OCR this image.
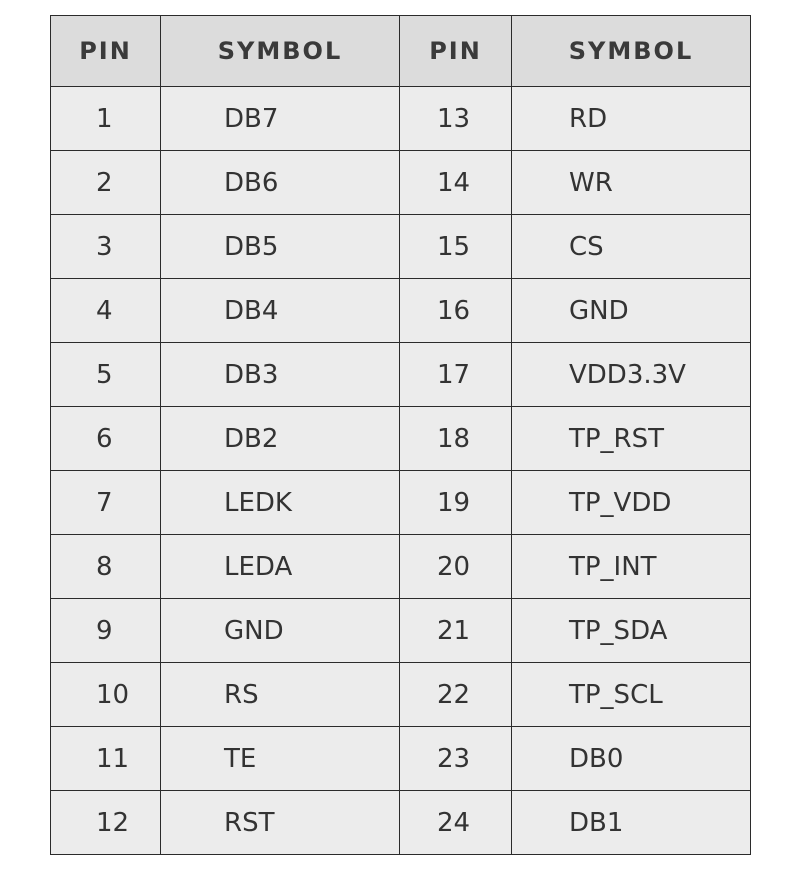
PIN	SYMBOL	PIN	SYMBOL
1	DB7	13	RD
2	DB6	14	WR
3	DB5	15	CS
4	DB4	16	GND
5	DB3	17	VDD3.3V
6	DB2	18	TP_RST
7	LEDK	19	TP_VDD
8	LEDA	20	TP_INT
9	GND	21	TP_SDA
10	RS	22	TP_SCL
11	TE	23	DB0
12	RST	24	DB1
